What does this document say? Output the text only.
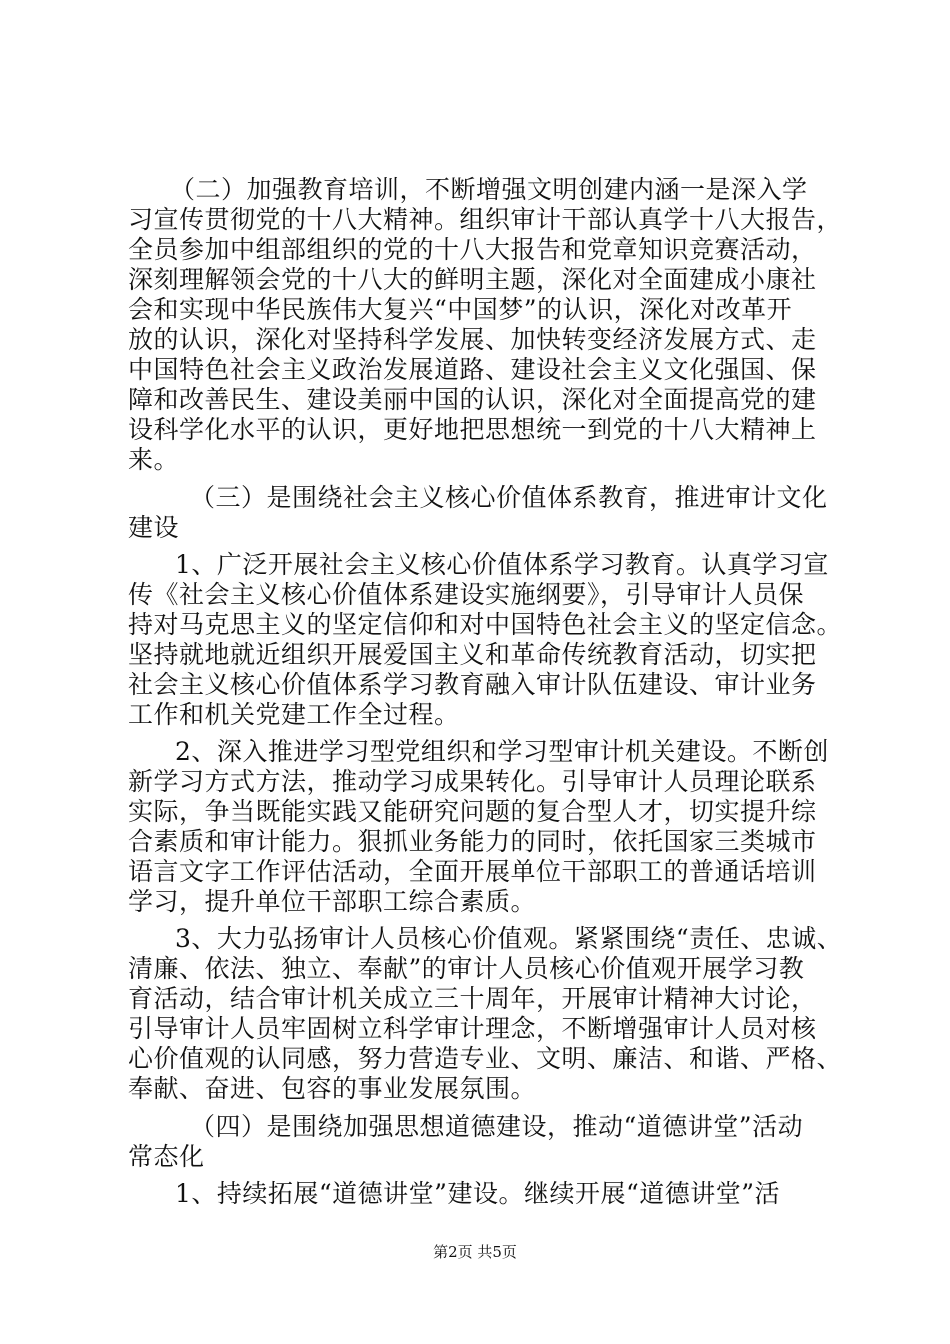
（二）加强教育培训，不断增强文明创建内涵一是深入学
习宣传贯彻党的十八大精神。组织审计干部认真学十八大报告，
全员参加中组部组织的党的十八大报告和党章知识竞赛活动，
深刻理解领会党的十八大的鲜明主题，深化对全面建成小康社
会和实现中华民族伟大复兴“中国梦”的认识，深化对改革开
放的认识，深化对坚持科学发展、加快转变经济发展方式、走
中国特色社会主义政治发展道路、建设社会主义文化强国、保
障和改善民生、建设美丽中国的认识，深化对全面提高党的建
设科学化水平的认识，更好地把思想统一到党的十八大精神上
来。
（三）是围绕社会主义核心价值体系教育，推进审计文化
建设
1、广泛开展社会主义核心价值体系学习教育。认真学习宣
传《社会主义核心价值体系建设实施纲要》，引导审计人员保
持对马克思主义的坚定信仰和对中国特色社会主义的坚定信念。
坚持就地就近组织开展爱国主义和革命传统教育活动，切实把
社会主义核心价值体系学习教育融入审计队伍建设、审计业务
工作和机关党建工作全过程。
2、深入推进学习型党组织和学习型审计机关建设。不断创
新学习方式方法，推动学习成果转化。引导审计人员理论联系
实际，争当既能实践又能研究问题的复合型人才，切实提升综
合素质和审计能力。狠抓业务能力的同时，依托国家三类城市
语言文字工作评估活动，全面开展单位干部职工的普通话培训
学习，提升单位干部职工综合素质。
3、大力弘扬审计人员核心价值观。紧紧围绕“责任、忠诚、
清廉、依法、独立、奉献”的审计人员核心价值观开展学习教
育活动，结合审计机关成立三十周年，开展审计精神大讨论，
引导审计人员牢固树立科学审计理念，不断增强审计人员对核
心价值观的认同感，努力营造专业、文明、廉洁、和谐、严格、
奉献、奋进、包容的事业发展氛围。
（四）是围绕加强思想道德建设，推动“道德讲堂”活动
常态化
1、持续拓展“道德讲堂”建设。继续开展“道德讲堂”活
第2页 共5页
